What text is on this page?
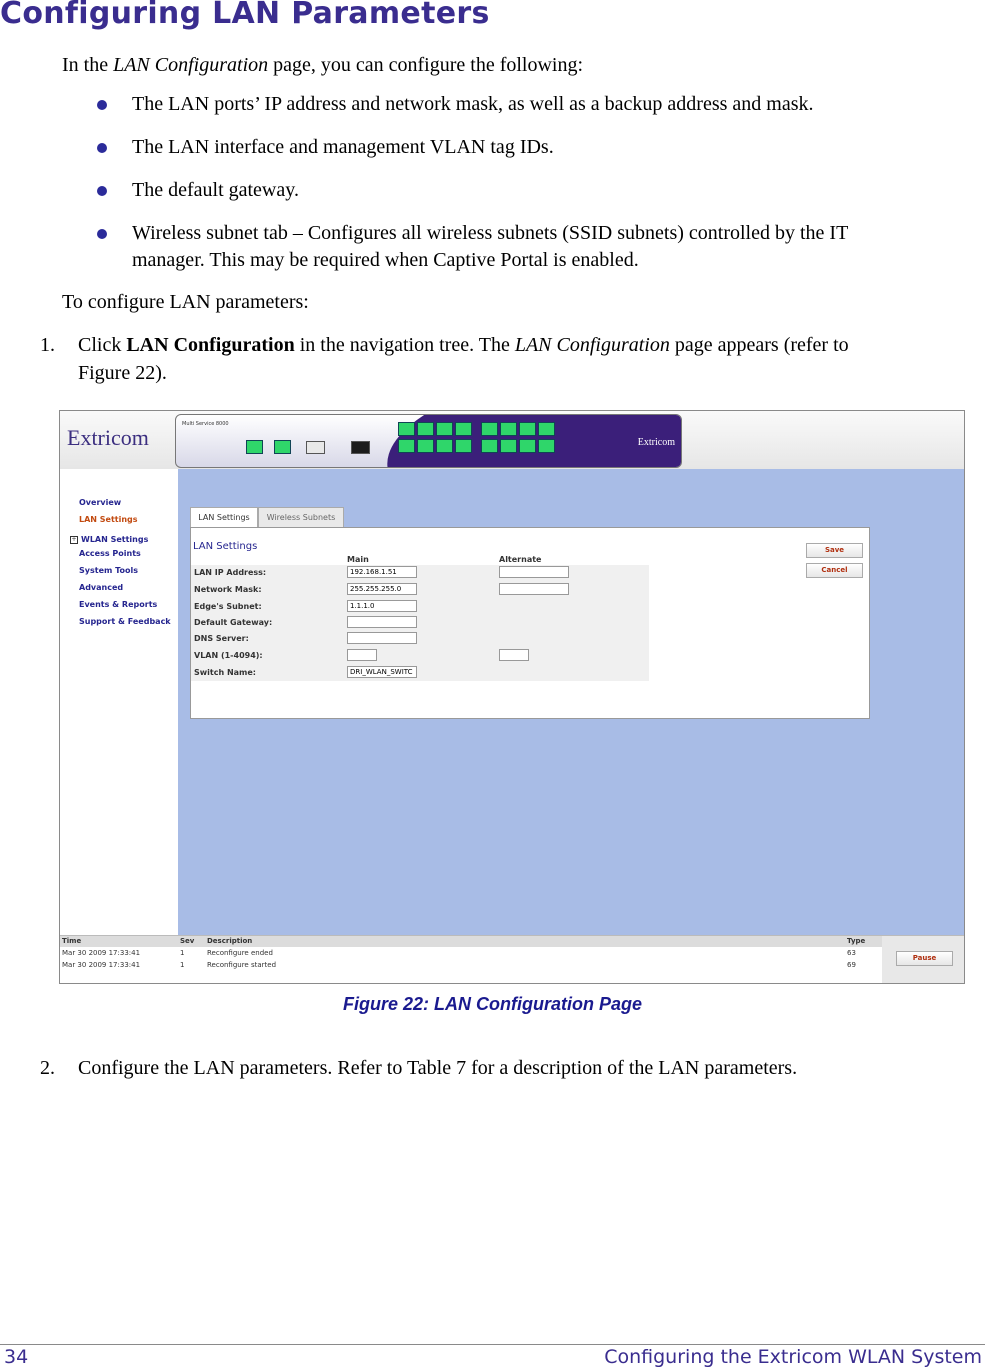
Configuring LAN Parameters
In the LAN Configuration page, you can configure the following:
The LAN ports’ IP address and network mask, as well as a backup address and mask.
The LAN interface and management VLAN tag IDs.
The default gateway.
Wireless subnet tab – Configures all wireless subnets (SSID subnets) controlled by the IT
manager. This may be required when Captive Portal is enabled.
To configure LAN parameters:
1. Click LAN Configuration in the navigation tree. The LAN Configuration page appears (refer to
Figure 22).
Extricom
Multi Service 8000
Extricom
Overview
LAN Settings
+ WLAN Settings
Access Points
System Tools
Advanced
Events & Reports
Support & Feedback
LAN Settings	Wireless Subnets
LAN Settings
Main	Alternate
LAN IP Address:	192.168.1.51
Network Mask:	255.255.255.0
Edge's Subnet:	1.1.1.0
Default Gateway:
DNS Server:
VLAN (1-4094):
Switch Name:	DRI_WLAN_SWITC
Save
Cancel
Time	Sev Description	Type
Mar 30 2009 17:33:41	1	Reconfigure ended	63
Mar 30 2009 17:33:41	1	Reconfigure started	69
Pause
Figure 22: LAN Configuration Page
2. Configure the LAN parameters. Refer to Table 7 for a description of the LAN parameters.
34	Configuring the Extricom WLAN System
